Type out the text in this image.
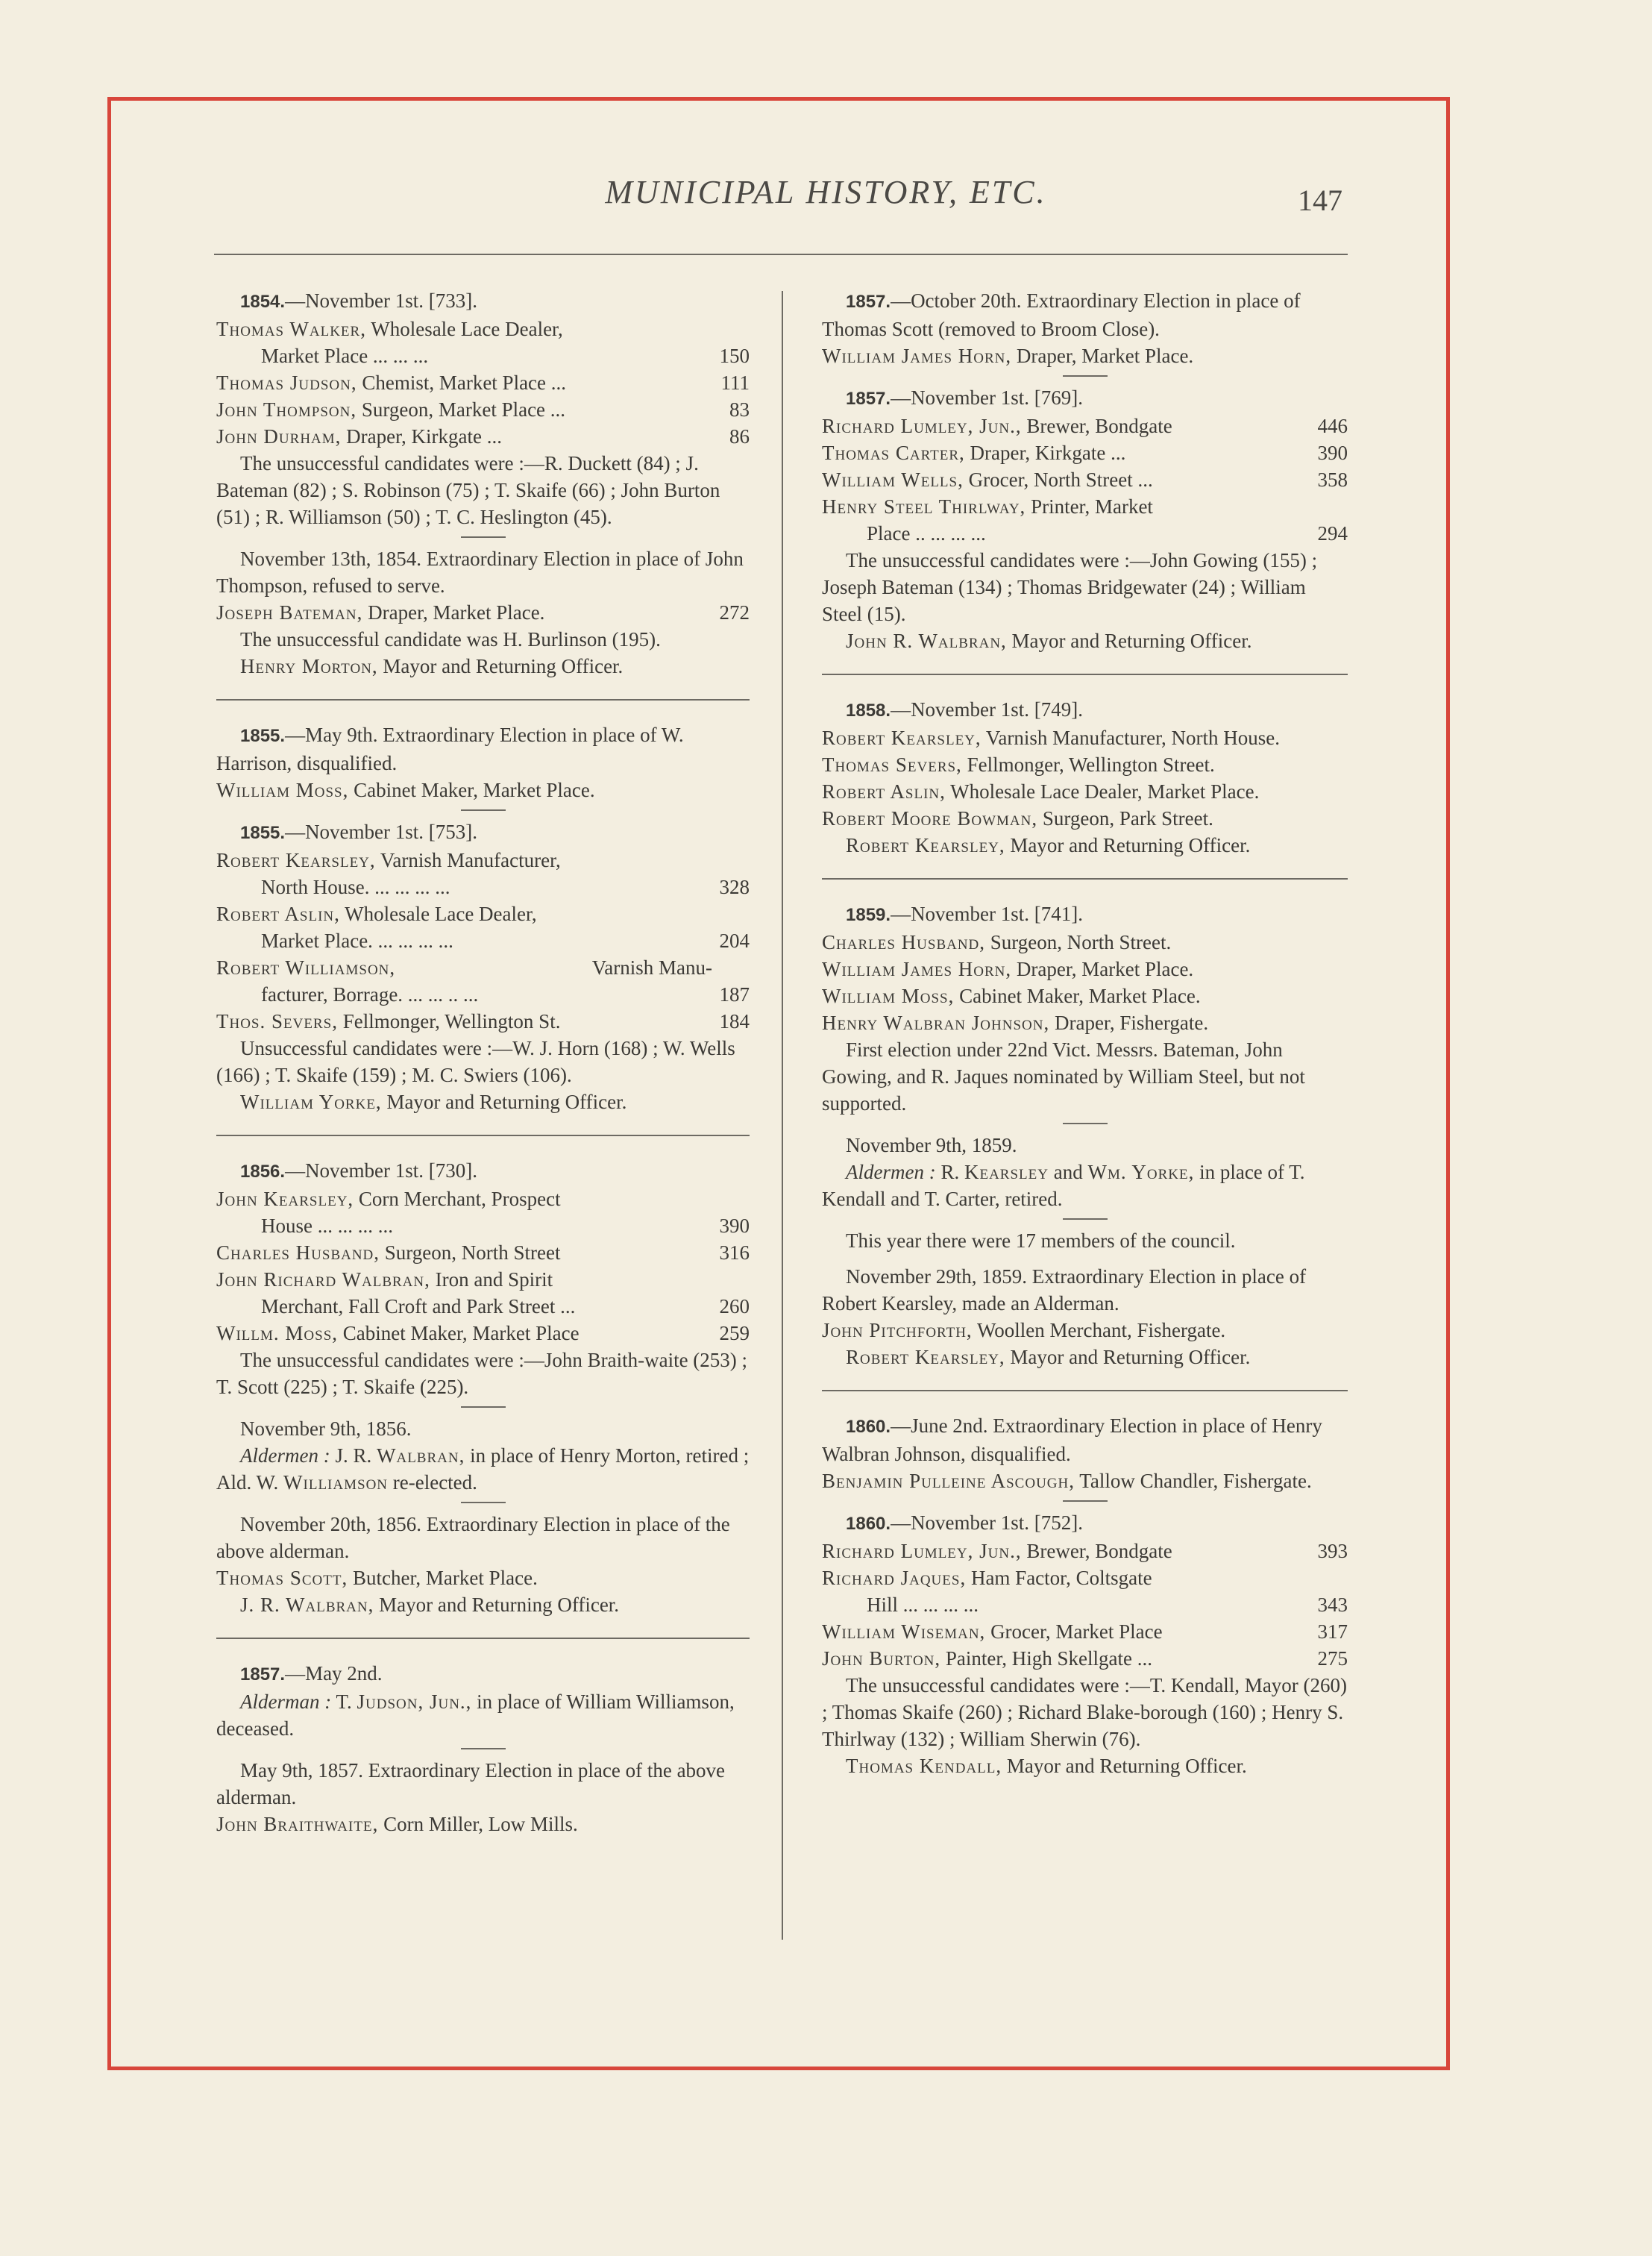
MUNICIPAL HISTORY, ETC.	147

1854.—November 1st. [733].

Thomas Walker, Wholesale Lace Dealer,

Market Place ... ... ...	150

Thomas Judson, Chemist, Market Place ...	111

John Thompson, Surgeon, Market Place ...	83

John Durham, Draper, Kirkgate ...	86

The unsuccessful candidates were :—R. Duckett (84) ; J. Bateman (82) ; S. Robinson (75) ; T. Skaife (66) ; John Burton (51) ; R. Williamson (50) ; T. C. Heslington (45).

November 13th, 1854. Extraordinary Election in place of John Thompson, refused to serve.

Joseph Bateman, Draper, Market Place.	272

The unsuccessful candidate was H. Burlinson (195).

Henry Morton, Mayor and Returning Officer.

1855.—May 9th. Extraordinary Election in place of W. Harrison, disqualified.

William Moss, Cabinet Maker, Market Place.

1855.—November 1st. [753].

Robert Kearsley, Varnish Manufacturer,

North House. ... ... ... ...	328

Robert Aslin, Wholesale Lace Dealer,

Market Place. ... ... ... ...	204

Robert Williamson,	Varnish Manu-

facturer, Borrage. ... ... .. ...	187

Thos. Severs, Fellmonger, Wellington St.	184

Unsuccessful candidates were :—W. J. Horn (168) ; W. Wells (166) ; T. Skaife (159) ; M. C. Swiers (106).

William Yorke, Mayor and Returning Officer.

1856.—November 1st. [730].

John Kearsley, Corn Merchant, Prospect

House ... ... ... ...	390

Charles Husband, Surgeon, North Street	316

John Richard Walbran, Iron and Spirit

Merchant, Fall Croft and Park Street ...	260

Willm. Moss, Cabinet Maker, Market Place	259

The unsuccessful candidates were :—John Braith-waite (253) ; T. Scott (225) ; T. Skaife (225).

November 9th, 1856.

Aldermen : J. R. Walbran, in place of Henry Morton, retired ; Ald. W. Williamson re-elected.

November 20th, 1856. Extraordinary Election in place of the above alderman.

Thomas Scott, Butcher, Market Place.

J. R. Walbran, Mayor and Returning Officer.

1857.—May 2nd.

Alderman : T. Judson, Jun., in place of William Williamson, deceased.

May 9th, 1857. Extraordinary Election in place of the above alderman.

John Braithwaite, Corn Miller, Low Mills.

1857.—October 20th. Extraordinary Election in place of Thomas Scott (removed to Broom Close).

William James Horn, Draper, Market Place.

1857.—November 1st. [769].

Richard Lumley, Jun., Brewer, Bondgate	446

Thomas Carter, Draper, Kirkgate ...	390

William Wells, Grocer, North Street ...	358

Henry Steel Thirlway, Printer, Market

Place .. ... ... ...	294

The unsuccessful candidates were :—John Gowing (155) ; Joseph Bateman (134) ; Thomas Bridgewater (24) ; William Steel (15).

John R. Walbran, Mayor and Returning Officer.

1858.—November 1st. [749].

Robert Kearsley, Varnish Manufacturer, North House.

Thomas Severs, Fellmonger, Wellington Street.

Robert Aslin, Wholesale Lace Dealer, Market Place.

Robert Moore Bowman, Surgeon, Park Street.

Robert Kearsley, Mayor and Returning Officer.

1859.—November 1st. [741].

Charles Husband, Surgeon, North Street.

William James Horn, Draper, Market Place.

William Moss, Cabinet Maker, Market Place.

Henry Walbran Johnson, Draper, Fishergate.

First election under 22nd Vict. Messrs. Bateman, John Gowing, and R. Jaques nominated by William Steel, but not supported.

November 9th, 1859.

Aldermen : R. Kearsley and Wm. Yorke, in place of T. Kendall and T. Carter, retired.

This year there were 17 members of the council.

November 29th, 1859. Extraordinary Election in place of Robert Kearsley, made an Alderman.

John Pitchforth, Woollen Merchant, Fishergate.

Robert Kearsley, Mayor and Returning Officer.

1860.—June 2nd. Extraordinary Election in place of Henry Walbran Johnson, disqualified.

Benjamin Pulleine Ascough, Tallow Chandler, Fishergate.

1860.—November 1st. [752].

Richard Lumley, Jun., Brewer, Bondgate	393

Richard Jaques, Ham Factor, Coltsgate

Hill ... ... ... ...	343

William Wiseman, Grocer, Market Place	317

John Burton, Painter, High Skellgate ...	275

The unsuccessful candidates were :—T. Kendall, Mayor (260) ; Thomas Skaife (260) ; Richard Blake-borough (160) ; Henry S. Thirlway (132) ; William Sherwin (76).

Thomas Kendall, Mayor and Returning Officer.
